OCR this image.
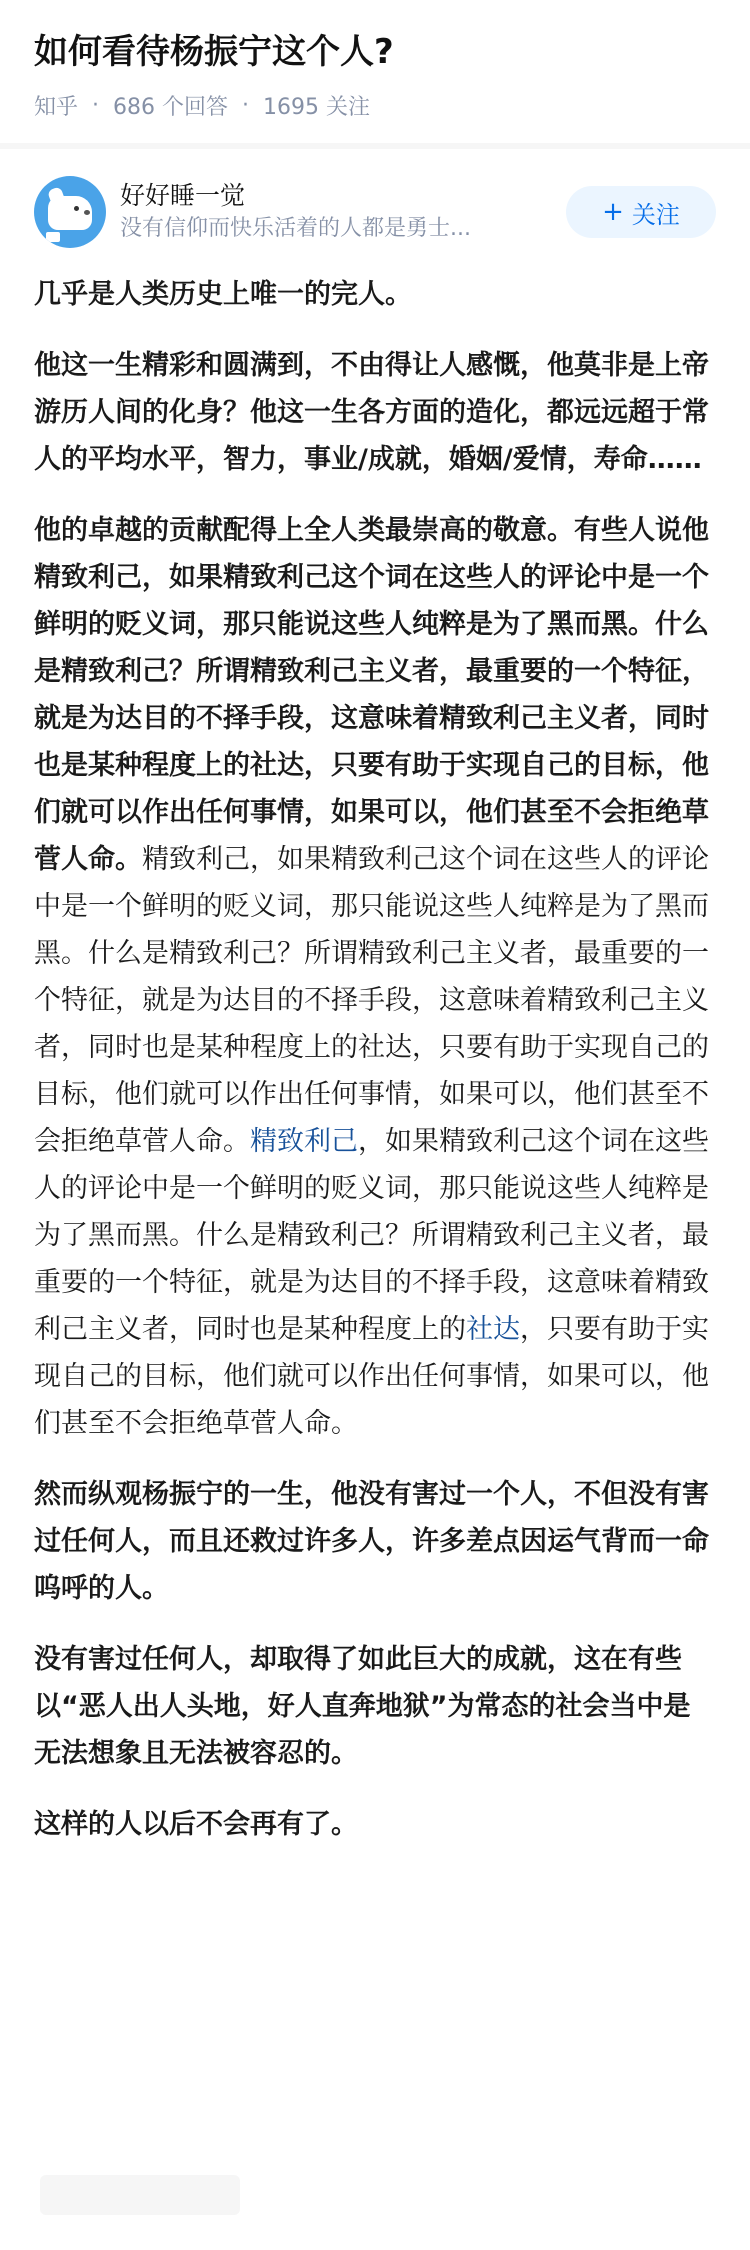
如何看待杨振宁这个人?
知乎 · 686 个回答 · 1695 关注
好好睡一觉
没有信仰而快乐活着的人都是勇士...
+ 关注

几乎是人类历史上唯一的完人。

他这一生精彩和圆满到，不由得让人感慨，他莫非是上帝游历人间的化身？他这一生各方面的造化，都远远超于常人的平均水平，智力，事业/成就，婚姻/爱情，寿命……

他的卓越的贡献配得上全人类最崇高的敬意。有些人说他精致利己，如果精致利己这个词在这些人的评论中是一个鲜明的贬义词，那只能说这些人纯粹是为了黑而黑。什么是精致利己？所谓精致利己主义者，最重要的一个特征，就是为达目的不择手段，这意味着精致利己主义者，同时也是某种程度上的社达，只要有助于实现自己的目标，他们就可以作出任何事情，如果可以，他们甚至不会拒绝草菅人命。精致利己，如果精致利己这个词在这些人的评论中是一个鲜明的贬义词，那只能说这些人纯粹是为了黑而黑。什么是精致利己？所谓精致利己主义者，最重要的一个特征，就是为达目的不择手段，这意味着精致利己主义者，同时也是某种程度上的社达，只要有助于实现自己的目标，他们就可以作出任何事情，如果可以，他们甚至不会拒绝草菅人命。精致利己，如果精致利己这个词在这些人的评论中是一个鲜明的贬义词，那只能说这些人纯粹是为了黑而黑。什么是精致利己？所谓精致利己主义者，最重要的一个特征，就是为达目的不择手段，这意味着精致利己主义者，同时也是某种程度上的社达，只要有助于实现自己的目标，他们就可以作出任何事情，如果可以，他们甚至不会拒绝草菅人命。

然而纵观杨振宁的一生，他没有害过一个人，不但没有害过任何人，而且还救过许多人，许多差点因运气背而一命呜呼的人。

没有害过任何人，却取得了如此巨大的成就，这在有些以“恶人出人头地，好人直奔地狱”为常态的社会当中是无法想象且无法被容忍的。

这样的人以后不会再有了。
